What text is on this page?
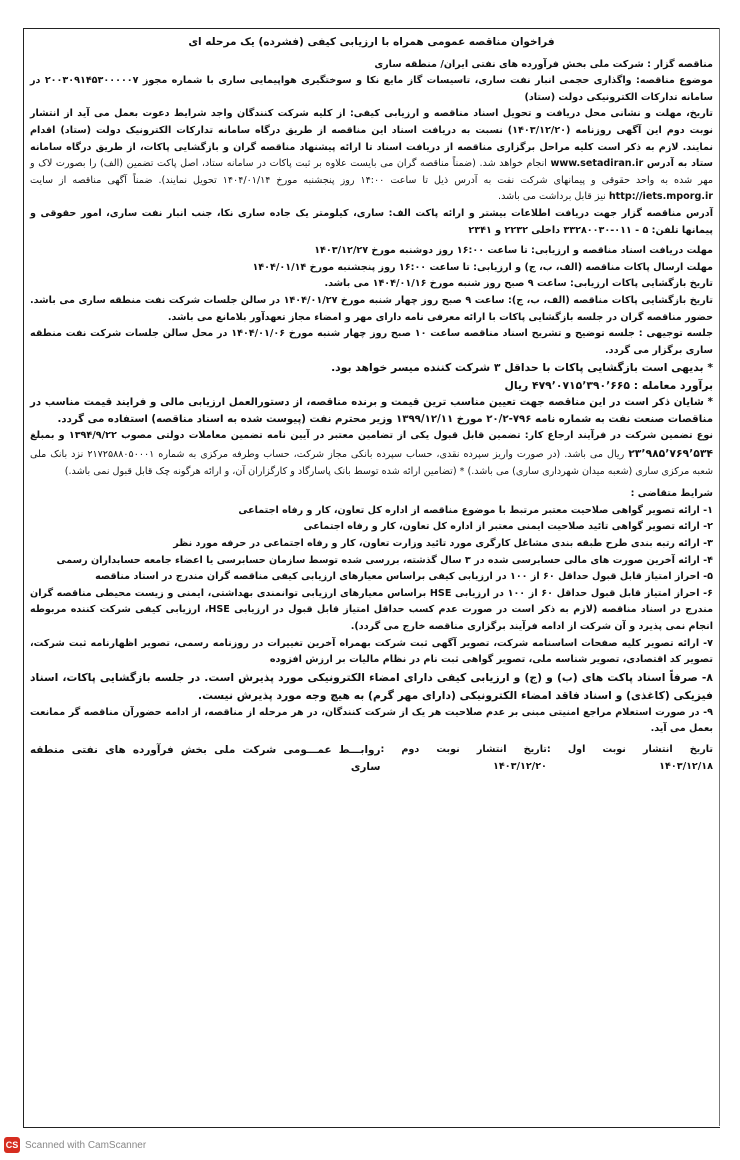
فراخوان مناقصه عمومی همراه با ارزیابی کیفی (فشرده) یک مرحله ای

مناقصه گزار : شرکت ملی بخش فرآورده های نفتی ایران/ منطقه ساری

موضوع مناقصه: واگذاری حجمی انبار نفت ساری، تاسیسات گاز مایع نکا و سوختگیری هواپیمایی ساری با شماره مجوز ۲۰۰۳۰۹۱۴۵۳۰۰۰۰۰۷ در سامانه تدارکات الکترونیکی دولت (ستاد)

تاریخ، مهلت و نشانی محل دریافت و تحویل اسناد مناقصه و ارزیابی کیفی: از کلیه شرکت کنندگان واجد شرایط دعوت بعمل می آید از انتشار نوبت دوم این آگهی روزنامه (۱۴۰۳/۱۲/۲۰) نسبت به دریافت اسناد این مناقصه از طریق درگاه سامانه تدارکات الکترونیک دولت (ستاد) اقدام نمایند. لازم به ذکر است کلیه مراحل برگزاری مناقصه از دریافت اسناد تا ارائه پیشنهاد مناقصه گران و بازگشایی پاکات، از طریق درگاه سامانه ستاد به آدرس www.setadiran.ir انجام خواهد شد. (ضمناً مناقصه گران می بایست علاوه بر ثبت پاکات در سامانه ستاد، اصل پاکت تضمین (الف) را بصورت لاک و مهر شده به واحد حقوقی و پیمانهای شرکت نفت به آدرس ذیل تا ساعت ۱۴:۰۰ روز پنجشنبه مورخ ۱۴۰۴/۰۱/۱۴ تحویل نمایند). ضمناً آگهی مناقصه از سایت http://iets.mporg.ir نیز قابل برداشت می باشد.

آدرس مناقصه گزار جهت دریافت اطلاعات بیشتر و ارائه پاکت الف: ساری، کیلومتر یک جاده ساری نکا، جنب انبار نفت ساری، امور حقوقی و پیمانها تلفن: ۵ - ۰۱۱-۳۳۲۸۰۰۳۰ داخلی ۲۲۳۲ و ۲۳۴۱

مهلت دریافت اسناد مناقصه و ارزیابی: تا ساعت ۱۶:۰۰ روز دوشنبه مورخ ۱۴۰۳/۱۲/۲۷

مهلت ارسال پاکات مناقصه (الف، ب، ج) و ارزیابی: تا ساعت ۱۶:۰۰ روز پنجشنبه مورخ ۱۴۰۴/۰۱/۱۴

تاریخ بازگشایی پاکات ارزیابی: ساعت ۹ صبح روز شنبه مورخ ۱۴۰۴/۰۱/۱۶ می باشد.

تاریخ بازگشایی پاکات مناقصه (الف، ب، ج): ساعت ۹ صبح روز چهار شنبه مورخ ۱۴۰۴/۰۱/۲۷ در سالن جلسات شرکت نفت منطقه ساری می باشد. حضور مناقصه گران در جلسه بازگشایی پاکات با ارائه معرفی نامه دارای مهر و امضاء مجاز تعهدآور بلامانع می باشد.

جلسه توجیهی : جلسه توضیح و تشریح اسناد مناقصه ساعت ۱۰ صبح روز چهار شنبه مورخ ۱۴۰۴/۰۱/۰۶ در محل سالن جلسات شرکت نفت منطقه ساری برگزار می گردد.

* بدیهی است بازگشایی پاکات با حداقل ۳ شرکت کننده میسر خواهد بود.

برآورد معامله : ۴۷۹٬۰۷۱۵٬۳۹۰٬۶۶۵ ریال

* شایان ذکر است در این مناقصه جهت تعیین مناسب ترین قیمت و برنده مناقصه، از دستورالعمل ارزیابی مالی و فرایند قیمت مناسب در مناقصات صنعت نفت به شماره نامه ۷۹۶-۲۰/۲ مورخ ۱۳۹۹/۱۲/۱۱ وزیر محترم نفت (پیوست شده به اسناد مناقصه) استفاده می گردد.

نوع تضمین شرکت در فرآیند ارجاع کار: تضمین قابل قبول یکی از تضامین معتبر در آیین نامه تضمین معاملات دولتی مصوب ۱۳۹۴/۹/۲۲ و بمبلغ ۲۳٬۹۸۵٬۷۶۹٬۵۳۴ ریال می باشد. (در صورت واریز سپرده نقدی، حساب سپرده بانکی مجاز شرکت، حساب وطرفه مرکزی به شماره ۲۱۷۲۵۸۸۰۵۰۰۰۱ نزد بانک ملی شعبه مرکزی ساری (شعبه میدان شهرداری ساری) می باشد.) * (تضامین ارائه شده توسط بانک پاسارگاد و کارگزاران آن، و ارائه هرگونه چک قابل قبول نمی باشد.)

شرایط متقاضی :

۱- ارائه تصویر گواهی صلاحیت معتبر مرتبط با موضوع مناقصه از اداره کل تعاون، کار و رفاه اجتماعی

۲- ارائه تصویر گواهی تائید صلاحیت ایمنی معتبر از اداره کل تعاون، کار و رفاه اجتماعی

۳- ارائه رتبه بندی طرح طبقه بندی مشاغل کارگری مورد تائید وزارت تعاون، کار و رفاه اجتماعی در حرفه مورد نظر

۴- ارائه آخرین صورت های مالی حسابرسی شده در ۳ سال گذشته، بررسی شده توسط سازمان حسابرسی یا اعضاء جامعه حسابداران رسمی

۵- احراز امتیاز قابل قبول حداقل ۶۰ از ۱۰۰ در ارزیابی کیفی براساس معیارهای ارزیابی کیفی مناقصه گران مندرج در اسناد مناقصه

۶- احراز امتیاز قابل قبول حداقل ۶۰ از ۱۰۰ در ارزیابی HSE براساس معیارهای ارزیابی توانمندی بهداشتی، ایمنی و زیست محیطی مناقصه گران مندرج در اسناد مناقصه (لازم به ذکر است در صورت عدم کسب حداقل امتیاز قابل قبول در ارزیابی HSE، ارزیابی کیفی شرکت کننده مربوطه انجام نمی پذیرد و آن شرکت از ادامه فرآیند برگزاری مناقصه خارج می گردد).

۷- ارائه تصویر کلیه صفحات اساسنامه شرکت، تصویر آگهی ثبت شرکت بهمراه آخرین تغییرات در روزنامه رسمی، تصویر اظهارنامه ثبت شرکت، تصویر کد اقتصادی، تصویر شناسه ملی، تصویر گواهی ثبت نام در نظام مالیات بر ارزش افزوده

۸- صرفاً اسناد پاکت های (ب) و (ج) و ارزیابی کیفی دارای امضاء الکترونیکی مورد پذیرش است. در جلسه بازگشایی پاکات، اسناد فیزیکی (کاغذی) و اسناد فاقد امضاء الکترونیکی (دارای مهر گرم) به هیچ وجه مورد پذیرش نیست.

۹- در صورت استعلام مراجع امنیتی مبنی بر عدم صلاحیت هر یک از شرکت کنندگان، در هر مرحله از مناقصه، از ادامه حضورآن مناقصه گر ممانعت بعمل می آید.

تاریخ انتشار نوبت اول : ۱۴۰۳/۱۲/۱۸
تاریخ انتشار نوبت دوم : ۱۴۰۳/۱۲/۲۰
روابـــط عمـــومی شرکت ملی بخش فرآورده های نفتی منطقه ساری

CS Scanned with CamScanner
